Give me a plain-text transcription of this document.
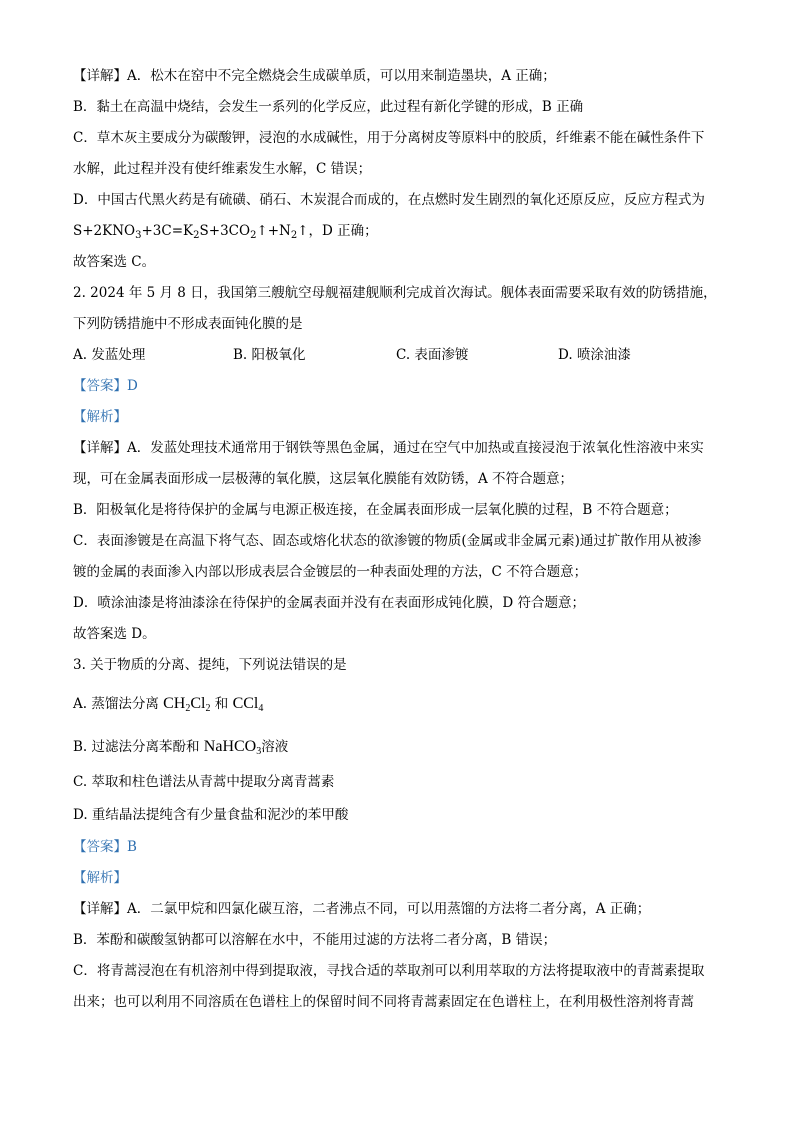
【详解】A．松木在窑中不完全燃烧会生成碳单质，可以用来制造墨块，A 正确；
B．黏土在高温中烧结，会发生一系列的化学反应，此过程有新化学键的形成，B 正确
C．草木灰主要成分为碳酸钾，浸泡的水成碱性，用于分离树皮等原料中的胶质，纤维素不能在碱性条件下
水解，此过程并没有使纤维素发生水解，C 错误；
D．中国古代黑火药是有硫磺、硝石、木炭混合而成的，在点燃时发生剧烈的氧化还原反应，反应方程式为
$S+2KNO_3+3C=K_2S+3CO_2↑+N_2↑$，D 正确；
故答案选 C。
2. 2024 年 5 月 8 日，我国第三艘航空母舰福建舰顺利完成首次海试。舰体表面需要采取有效的防锈措施，
下列防锈措施中不形成表面钝化膜的是
A. 发蓝处理	B. 阳极氧化	C. 表面渗镀	D. 喷涂油漆
【答案】D
【解析】
【详解】A．发蓝处理技术通常用于钢铁等黑色金属，通过在空气中加热或直接浸泡于浓氧化性溶液中来实
现，可在金属表面形成一层极薄的氧化膜，这层氧化膜能有效防锈，A 不符合题意；
B．阳极氧化是将待保护的金属与电源正极连接，在金属表面形成一层氧化膜的过程，B 不符合题意；
C．表面渗镀是在高温下将气态、固态或熔化状态的欲渗镀的物质(金属或非金属元素)通过扩散作用从被渗
镀的金属的表面渗入内部以形成表层合金镀层的一种表面处理的方法，C 不符合题意；
D．喷涂油漆是将油漆涂在待保护的金属表面并没有在表面形成钝化膜，D 符合题意；
故答案选 D。
3. 关于物质的分离、提纯，下列说法错误的是
A. 蒸馏法分离 $CH_2Cl_2$ 和 CCl$_4$
B. 过滤法分离苯酚和 NaHCO$_3$溶液
C. 萃取和柱色谱法从青蒿中提取分离青蒿素
D. 重结晶法提纯含有少量食盐和泥沙的苯甲酸
【答案】B
【解析】
【详解】A．二氯甲烷和四氯化碳互溶，二者沸点不同，可以用蒸馏的方法将二者分离，A 正确；
B．苯酚和碳酸氢钠都可以溶解在水中，不能用过滤的方法将二者分离，B 错误；
C．将青蒿浸泡在有机溶剂中得到提取液，寻找合适的萃取剂可以利用萃取的方法将提取液中的青蒿素提取
出来；也可以利用不同溶质在色谱柱上的保留时间不同将青蒿素固定在色谱柱上，在利用极性溶剂将青蒿
